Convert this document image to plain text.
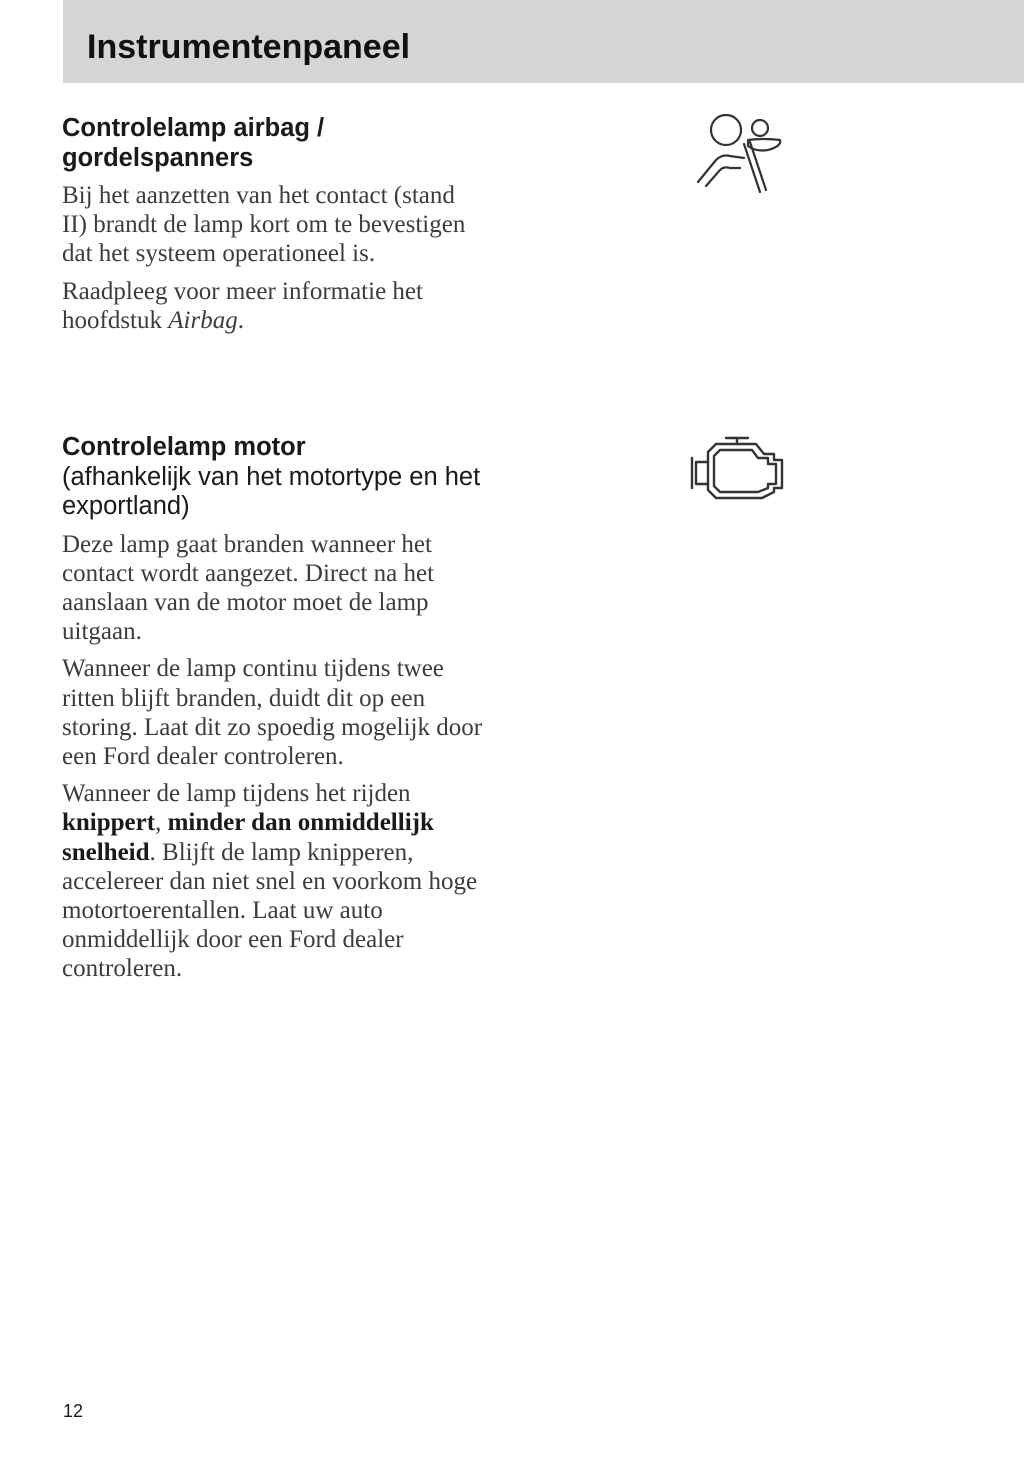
Instrumentenpaneel
Controlelamp airbag /
gordelspanners

Bij het aanzetten van het contact (stand II) brandt de lamp kort om te bevestigen dat het systeem operationeel is.

Raadpleeg voor meer informatie het hoofdstuk Airbag.

Controlelamp motor
(afhankelijk van het motortype en het exportland)

Deze lamp gaat branden wanneer het contact wordt aangezet. Direct na het aanslaan van de motor moet de lamp uitgaan.

Wanneer de lamp continu tijdens twee ritten blijft branden, duidt dit op een storing. Laat dit zo spoedig mogelijk door een Ford dealer controleren.

Wanneer de lamp tijdens het rijden knippert, minder dan onmiddellijk snelheid. Blijft de lamp knipperen, accelereer dan niet snel en voorkom hoge motortoerentallen. Laat uw auto onmiddellijk door een Ford dealer controleren.

12
